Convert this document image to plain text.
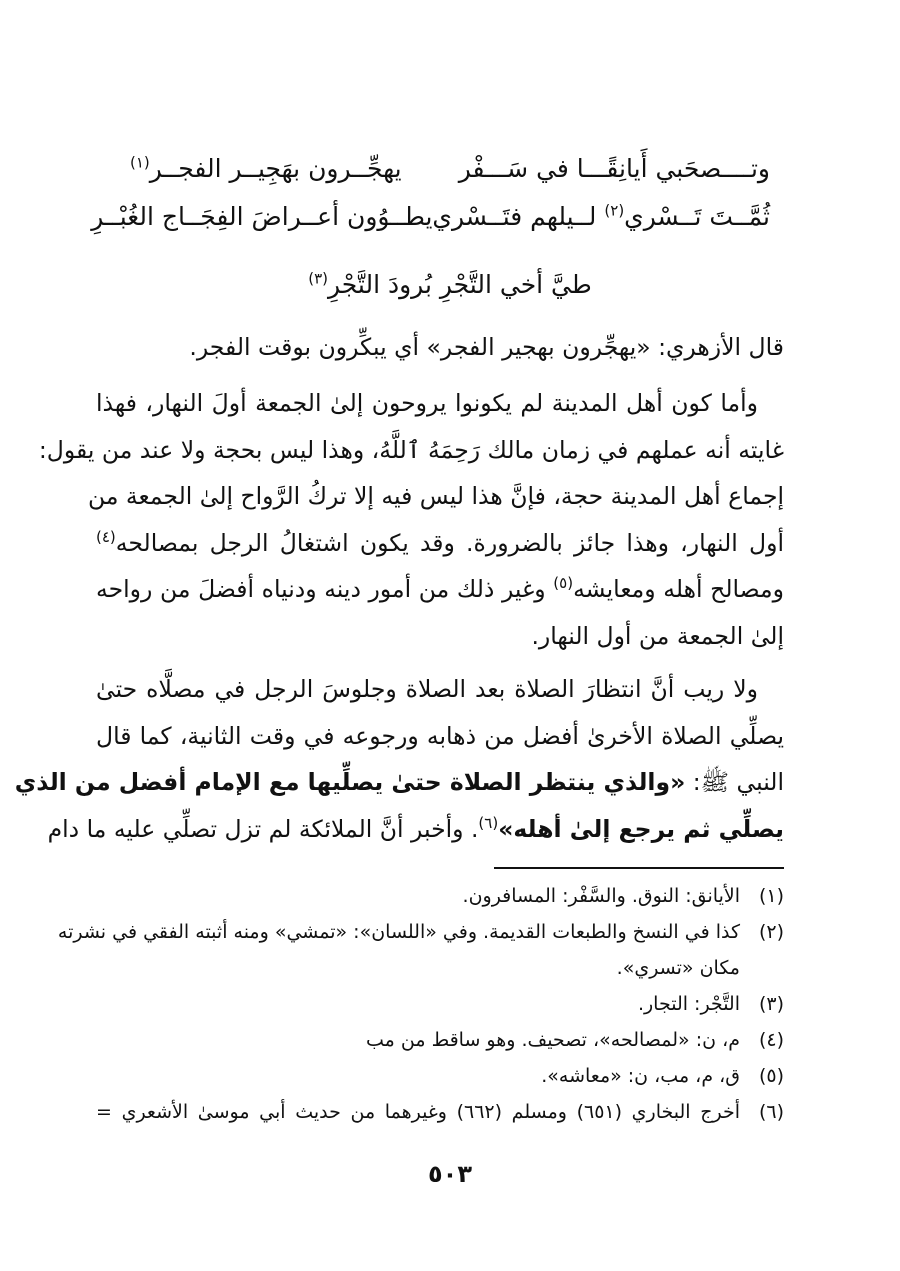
وتــــصحَبي أَيانِقًـــا في سَـــفْر
يهجِّــرون بهَجِيــر الفجــر$^{(١)}$
ثُمَّــتَ تَــسْري$^{(٢)}$ لــيلهم فتَــسْري
يطــوُون أعــراضَ الفِجَــاج الغُبْــرِ
طيَّ أخي التَّجْرِ بُرودَ التَّجْرِ$^{(٣)}$
قال الأزهري: «يهجِّرون بهجير الفجر» أي يبكِّرون بوقت الفجر.
وأما كون أهل المدينة لم يكونوا يروحون إلىٰ الجمعة أولَ النهار، فهذا
غايته أنه عملهم في زمان مالك رَحِمَهُ ٱللَّهُ، وهذا ليس بحجة ولا عند من يقول:
إجماع أهل المدينة حجة، فإنَّ هذا ليس فيه إلا تركُ الرَّواح إلىٰ الجمعة من
أول النهار، وهذا جائز بالضرورة. وقد يكون اشتغالُ الرجل بمصالحه$^{(٤)}$
ومصالح أهله ومعايشه$^{(٥)}$ وغير ذلك من أمور دينه ودنياه أفضلَ من رواحه
إلىٰ الجمعة من أول النهار.
ولا ريب أنَّ انتظارَ الصلاة بعد الصلاة وجلوسَ الرجل في مصلَّاه حتىٰ
يصلِّي الصلاة الأخرىٰ أفضل من ذهابه ورجوعه في وقت الثانية، كما قال
النبي ﷺ: «والذي ينتظر الصلاة حتىٰ يصلِّيها مع الإمام أفضل من الذي
يصلِّي ثم يرجع إلىٰ أهله»$^{(٦)}$. وأخبر أنَّ الملائكة لم تزل تصلِّي عليه ما دام
(١)
الأيانق: النوق. والسَّفْر: المسافرون.
(٢)
كذا في النسخ والطبعات القديمة. وفي «اللسان»: «تمشي» ومنه أثبته الفقي في نشرته
مكان «تسري».
(٣)
التَّجْر: التجار.
(٤)
م، ن: «لمصالحه»، تصحيف. وهو ساقط من مب
(٥)
ق، م، مب، ن: «معاشه».
(٦)
أخرج البخاري (٦٥١) ومسلم (٦٦٢) وغيرهما من حديث أبي موسىٰ الأشعري =
٥٠٣
